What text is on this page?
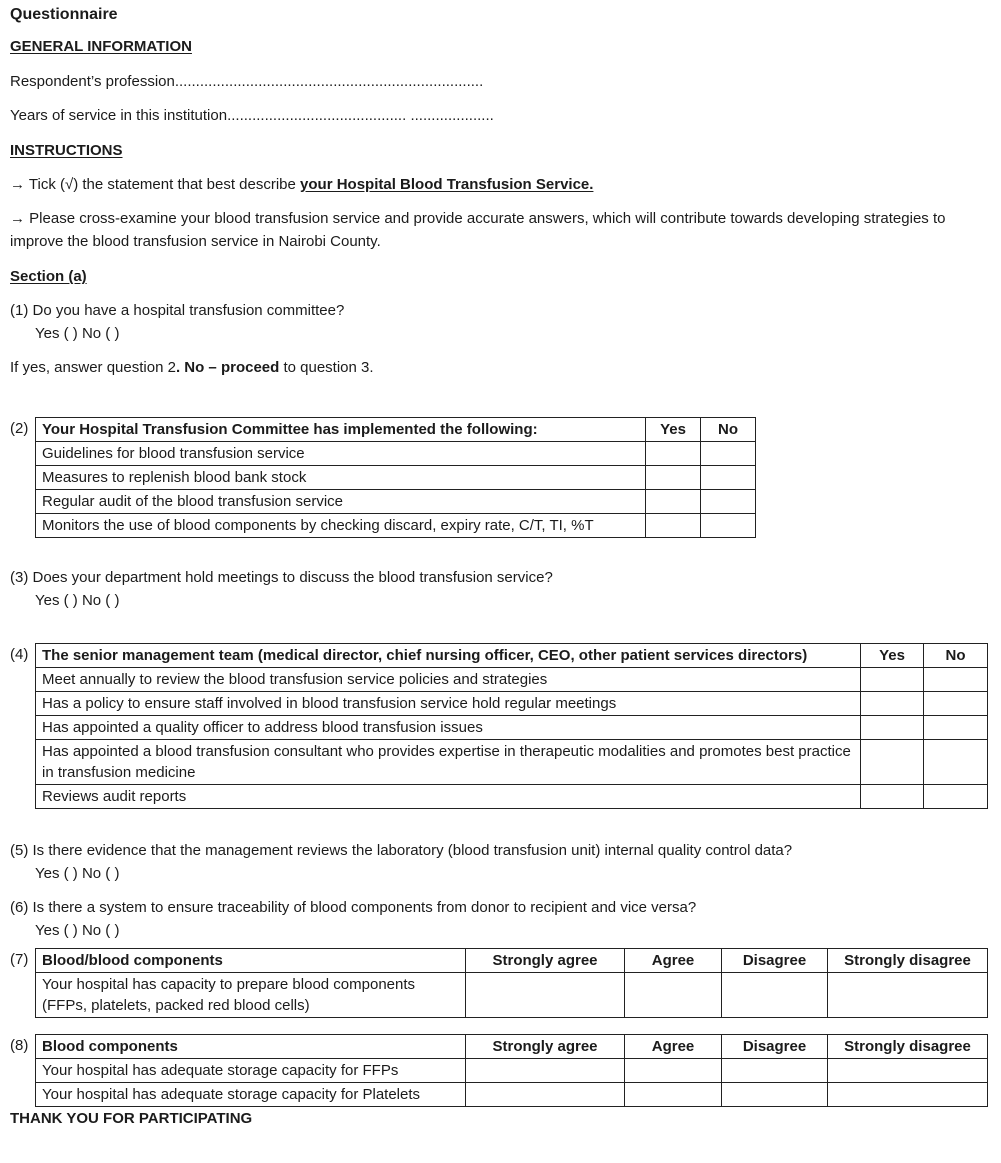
Questionnaire

GENERAL INFORMATION

Respondent’s profession..........................................................................

Years of service in this institution........................................... ....................

INSTRUCTIONS

→ Tick (√) the statement that best describe your Hospital Blood Transfusion Service.

→ Please cross-examine your blood transfusion service and provide accurate answers, which will contribute towards developing strategies to improve the blood transfusion service in Nairobi County.

Section (a)

(1) Do you have a hospital transfusion committee?

Yes ( ) No ( )

If yes, answer question 2. No – proceed to question 3.

(2) Your Hospital Transfusion Committee has implemented the following:	Yes	No
Guidelines for blood transfusion service		
Measures to replenish blood bank stock		
Regular audit of the blood transfusion service		
Monitors the use of blood components by checking discard, expiry rate, C/T, TI, %T		

(3) Does your department hold meetings to discuss the blood transfusion service?

Yes ( ) No ( )

(4) The senior management team (medical director, chief nursing officer, CEO, other patient services directors)	Yes	No
Meet annually to review the blood transfusion service policies and strategies		
Has a policy to ensure staff involved in blood transfusion service hold regular meetings		
Has appointed a quality officer to address blood transfusion issues		
Has appointed a blood transfusion consultant who provides expertise in therapeutic modalities and promotes best practice in transfusion medicine		
Reviews audit reports		

(5) Is there evidence that the management reviews the laboratory (blood transfusion unit) internal quality control data?

Yes ( ) No ( )

(6) Is there a system to ensure traceability of blood components from donor to recipient and vice versa?

Yes ( ) No ( )

(7) Blood/blood components	Strongly agree	Agree	Disagree	Strongly disagree
Your hospital has capacity to prepare blood components (FFPs, platelets, packed red blood cells)				
(8) Blood components	Strongly agree	Agree	Disagree	Strongly disagree
Your hospital has adequate storage capacity for FFPs				
Your hospital has adequate storage capacity for Platelets				

THANK YOU FOR PARTICIPATING
